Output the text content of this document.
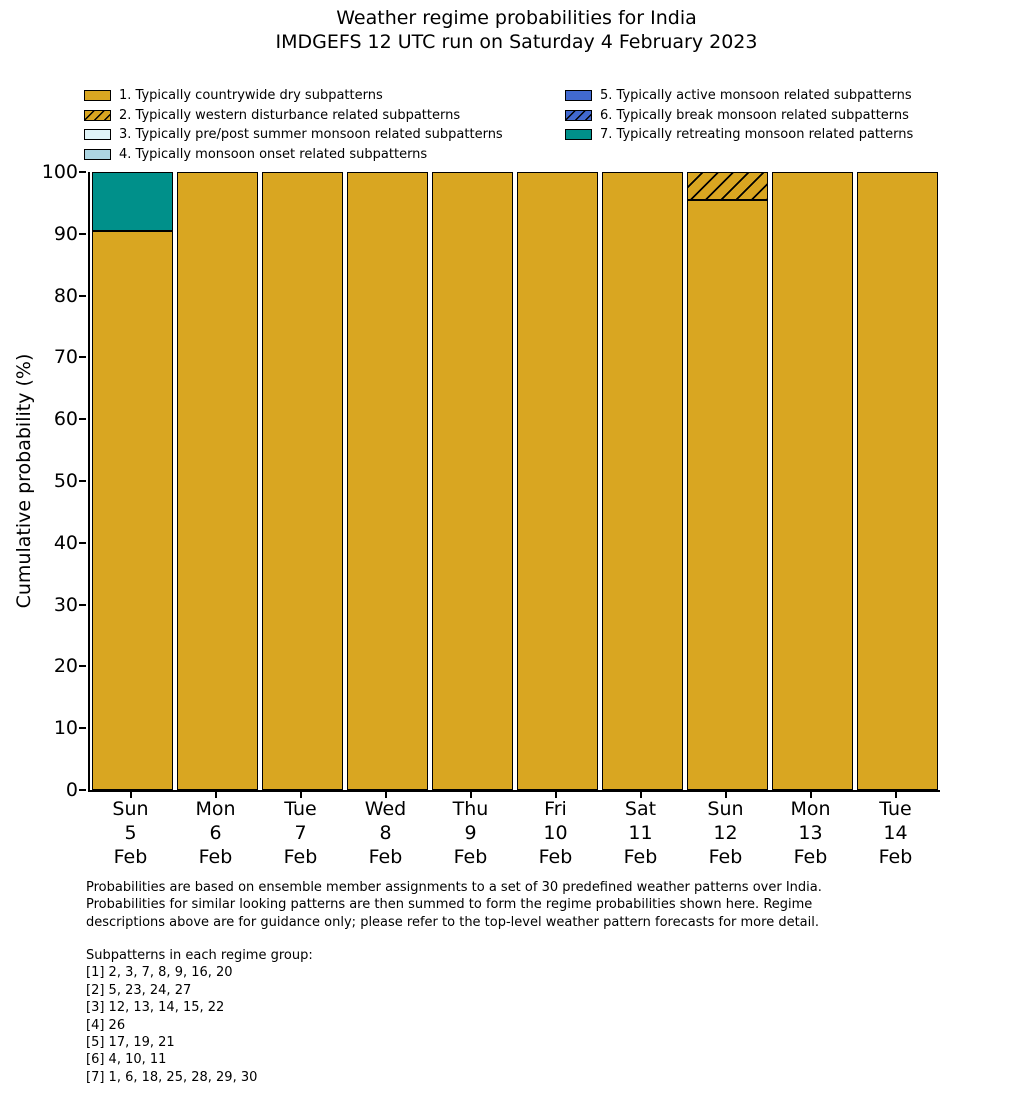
Weather regime probabilities for India
IMDGEFS 12 UTC run on Saturday 4 February 2023
1. Typically countrywide dry subpatterns
2. Typically western disturbance related subpatterns
3. Typically pre/post summer monsoon related subpatterns
4. Typically monsoon onset related subpatterns
5. Typically active monsoon related subpatterns
6. Typically break monsoon related subpatterns
7. Typically retreating monsoon related patterns
Cumulative probability (%)
0
10
20
30
40
50
60
70
80
90
100
Sun
5
Feb
Mon
6
Feb
Tue
7
Feb
Wed
8
Feb
Thu
9
Feb
Fri
10
Feb
Sat
11
Feb
Sun
12
Feb
Mon
13
Feb
Tue
14
Feb
Probabilities are based on ensemble member assignments to a set of 30 predefined weather patterns over India.
Probabilities for similar looking patterns are then summed to form the regime probabilities shown here. Regime
descriptions above are for guidance only; please refer to the top-level weather pattern forecasts for more detail.
Subpatterns in each regime group:
[1] 2, 3, 7, 8, 9, 16, 20
[2] 5, 23, 24, 27
[3] 12, 13, 14, 15, 22
[4] 26
[5] 17, 19, 21
[6] 4, 10, 11
[7] 1, 6, 18, 25, 28, 29, 30
